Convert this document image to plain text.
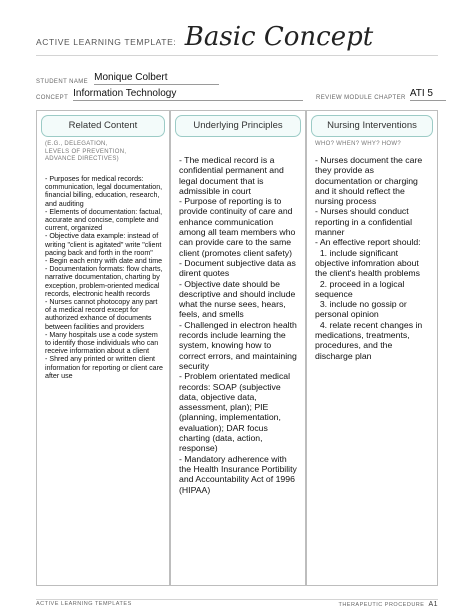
ACTIVE LEARNING TEMPLATE: Basic Concept
STUDENT NAME Monique Colbert
CONCEPT Information Technology	REVIEW MODULE CHAPTER ATI 5
Related Content
(E.G., DELEGATION,
LEVELS OF PREVENTION,
ADVANCE DIRECTIVES)
- Purposes for medical records: communication, legal documentation, financial billing, education, research, and auditing
- Elements of documentation: factual, accurate and concise, complete and current, organized
- Objective data example: instead of writing "client is agitated" write "client pacing back and forth in the room"
- Begin each entry with date and time
- Documentation formats: flow charts, narrative documentation, charting by exception, problem-oriented medical records, electronic health records
- Nurses cannot photocopy any part of a medical record except for authorized exhance of documents between facilities and providers
- Many hospitals use a code system to identify those individuals who can receive information about a client
- Shred any printed or written client information for reporting or client care after use
Underlying Principles
- The medical record is a confidential permanent and legal document that is admissible in court
- Purpose of reporting is to provide continuity of care and enhance communication among all team members who can provide care to the same client (promotes client safety)
- Document subjective data as dirent quotes
- Objective date should be descriptive and should include what the nurse sees, hears, feels, and smells
- Challenged in electron health records include learning the system, knowing how to correct errors, and maintaining security
- Problem orientated medical records: SOAP (subjective data, objective data, assessment, plan); PIE (planning, implementation, evaluation); DAR focus charting (data, action, response)
- Mandatory adherence with the Health Insurance Portibility and Accountability Act of 1996 (HIPAA)
Nursing Interventions
WHO? WHEN? WHY? HOW?
- Nurses document the care they provide as documentation or charging and it should reflect the nursing process
- Nurses should conduct reporting in a confidential manner
- An effective report should:
1. include significant objective infomration about the client's health problems
2. proceed in a logical sequence
3. include no gossip or personal opinion
4. relate recent changes in medications, treatments, procedures, and the discharge plan
ACTIVE LEARNING TEMPLATES	THERAPEUTIC PROCEDURE A1
